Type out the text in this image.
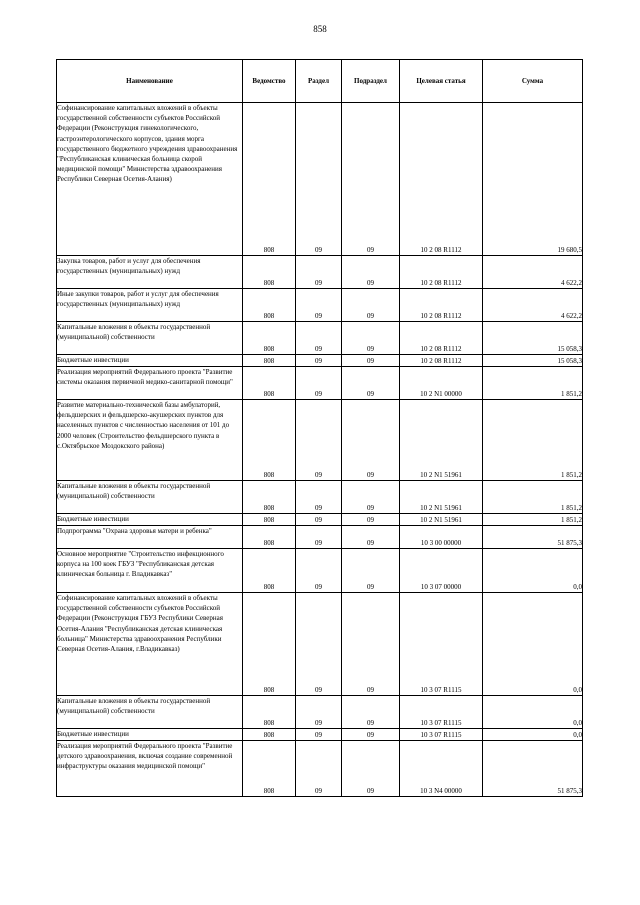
858
Наименование	Ведомство	Раздел	Подраздел	Целевая статья	Сумма
Софинансирование капитальных вложений в объекты государственной собственности субъектов Российской Федерации (Реконструкция гинекологического, гастроэнтерологического корпусов, здания морга государственного бюджетного учреждения здравоохранения "Республиканская клиническая больница скорой медицинской помощи" Министерства здравоохранения Республики Северная Осетия-Алания)	808	09	09	10 2 08 R1112	19 680,5
Закупка товаров, работ и услуг для обеспечения государственных (муниципальных) нужд	808	09	09	10 2 08 R1112	4 622,2
Иные закупки товаров, работ и услуг для обеспечения государственных (муниципальных) нужд	808	09	09	10 2 08 R1112	4 622,2
Капитальные вложения в объекты государственной (муниципальной) собственности	808	09	09	10 2 08 R1112	15 058,3
Бюджетные инвестиции	808	09	09	10 2 08 R1112	15 058,3
Реализация мероприятий Федерального проекта "Развитие системы оказания первичной медико-санитарной помощи"	808	09	09	10 2 N1 00000	1 851,2
Развитие материально-технической базы амбулаторий, фельдшерских и фельдшерско-акушерских пунктов для населенных пунктов с численностью населения от 101 до 2000 человек (Строительство фельдшерского пункта в с.Октябрьское Моздокского района)	808	09	09	10 2 N1 51961	1 851,2
Капитальные вложения в объекты государственной (муниципальной) собственности	808	09	09	10 2 N1 51961	1 851,2
Бюджетные инвестиции	808	09	09	10 2 N1 51961	1 851,2
Подпрограмма "Охрана здоровья матери и ребенка"	808	09	09	10 3 00 00000	51 875,3
Основное мероприятие "Строительство инфекционного корпуса на 100 коек ГБУЗ "Республиканская детская клиническая больница г. Владикавказ"	808	09	09	10 3 07 00000	0,0
Софинансирование капитальных вложений в объекты государственной собственности субъектов Российской Федерации (Реконструкция ГБУЗ Республики Северная Осетия-Алания "Республиканская детская клиническая больница" Министерства здравоохранения Республики Северная Осетия-Алания, г.Владикавказ)	808	09	09	10 3 07 R1115	0,0
Капитальные вложения в объекты государственной (муниципальной) собственности	808	09	09	10 3 07 R1115	0,0
Бюджетные инвестиции	808	09	09	10 3 07 R1115	0,0
Реализация мероприятий Федерального проекта "Развитие детского здравоохранения, включая создание современной инфраструктуры оказания медицинской помощи"	808	09	09	10 3 N4 00000	51 875,3
